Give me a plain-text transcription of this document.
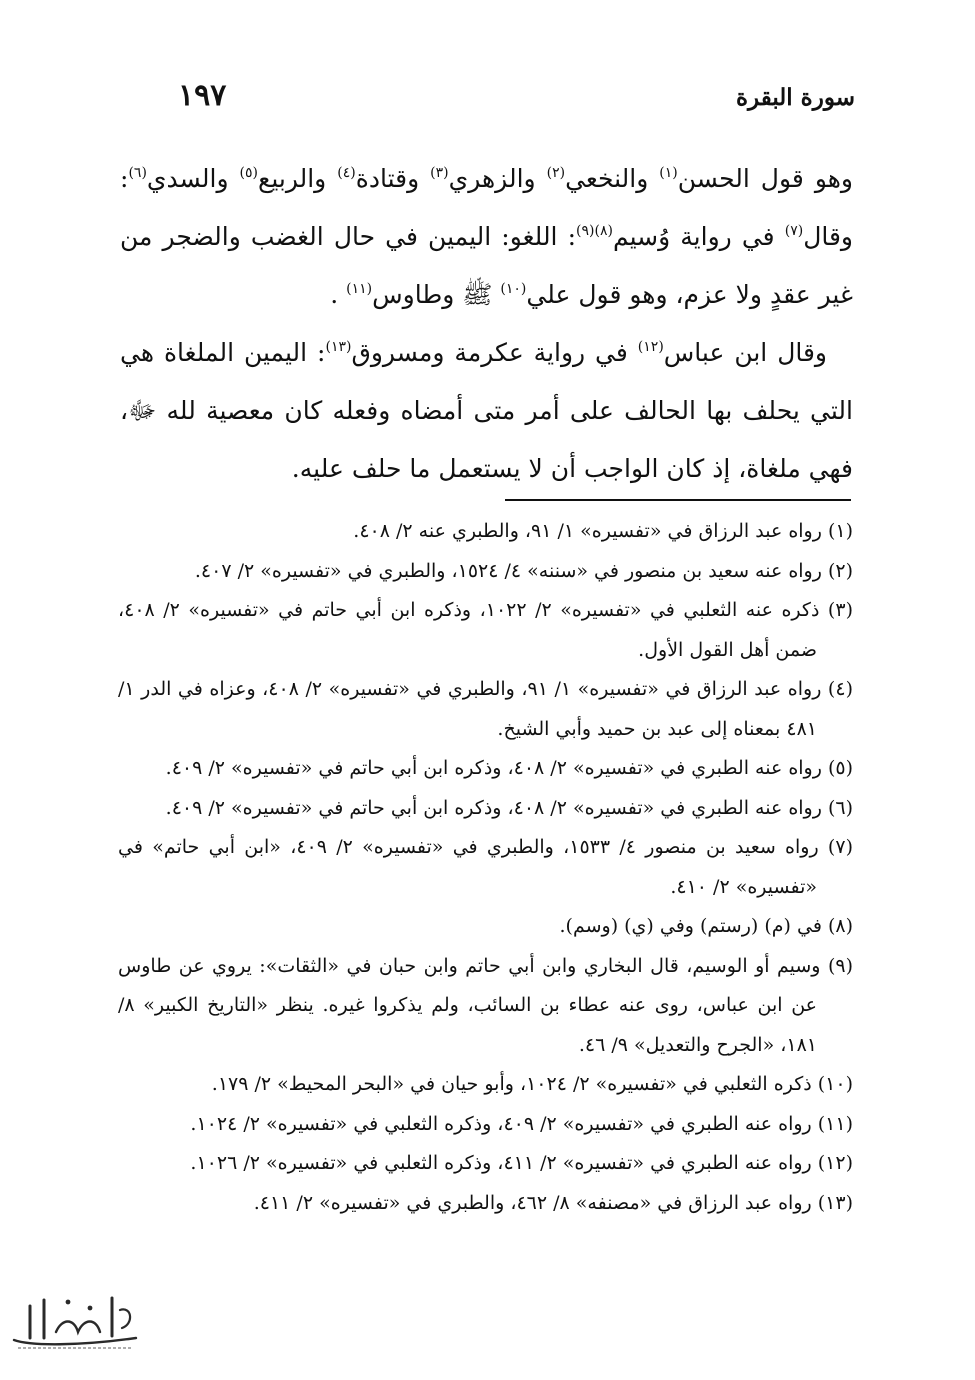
سورة البقرة
١٩٧

وهو قول الحسن$^{(١)}$ والنخعي$^{(٢)}$ والزهري$^{(٣)}$ وقتادة$^{(٤)}$ والربيع$^{(٥)}$ والسدي$^{(٦)}$: وقال$^{(٧)}$ في رواية وُسيم$^{(٨)(٩)}$: اللغو: اليمين في حال الغضب والضجر من غير عقدٍ ولا عزم، وهو قول علي$^{(١٠)}$ ﷺ وطاوس$^{(١١)}$ .

وقال ابن عباس$^{(١٢)}$ في رواية عكرمة ومسروق$^{(١٣)}$: اليمين الملغاة هي التي يحلف بها الحالف على أمر متى أمضاه وفعله كان معصية لله ﷻ، فهي ملغاة، إذ كان الواجب أن لا يستعمل ما حلف عليه.

(١) رواه عبد الرزاق في «تفسيره» ١/ ٩١، والطبري عنه ٢/ ٤٠٨.
(٢) رواه عنه سعيد بن منصور في «سننه» ٤/ ١٥٢٤، والطبري في «تفسيره» ٢/ ٤٠٧.
(٣) ذكره عنه الثعلبي في «تفسيره» ٢/ ١٠٢٢، وذكره ابن أبي حاتم في «تفسيره» ٢/ ٤٠٨، ضمن أهل القول الأول.
(٤) رواه عبد الرزاق في «تفسيره» ١/ ٩١، والطبري في «تفسيره» ٢/ ٤٠٨، وعزاه في الدر ١/ ٤٨١ بمعناه إلى عبد بن حميد وأبي الشيخ.
(٥) رواه عنه الطبري في «تفسيره» ٢/ ٤٠٨، وذكره ابن أبي حاتم في «تفسيره» ٢/ ٤٠٩.
(٦) رواه عنه الطبري في «تفسيره» ٢/ ٤٠٨، وذكره ابن أبي حاتم في «تفسيره» ٢/ ٤٠٩.
(٧) رواه سعيد بن منصور ٤/ ١٥٣٣، والطبري في «تفسيره» ٢/ ٤٠٩، «ابن أبي حاتم» في «تفسيره» ٢/ ٤١٠.
(٨) في (م) (رستم) وفي (ي) (وسم).
(٩) وسيم أو الوسيم، قال البخاري وابن أبي حاتم وابن حبان في «الثقات»: يروي عن طاوس عن ابن عباس، روى عنه عطاء بن السائب، ولم يذكروا غيره. ينظر «التاريخ الكبير» ٨/ ١٨١، «الجرح والتعديل» ٩/ ٤٦.
(١٠) ذكره الثعلبي في «تفسيره» ٢/ ١٠٢٤، وأبو حيان في «البحر المحيط» ٢/ ١٧٩.
(١١) رواه عنه الطبري في «تفسيره» ٢/ ٤٠٩، وذكره الثعلبي في «تفسيره» ٢/ ١٠٢٤.
(١٢) رواه عنه الطبري في «تفسيره» ٢/ ٤١١، وذكره الثعلبي في «تفسيره» ٢/ ١٠٢٦.
(١٣) رواه عبد الرزاق في «مصنفه» ٨/ ٤٦٢، والطبري في «تفسيره» ٢/ ٤١١.
